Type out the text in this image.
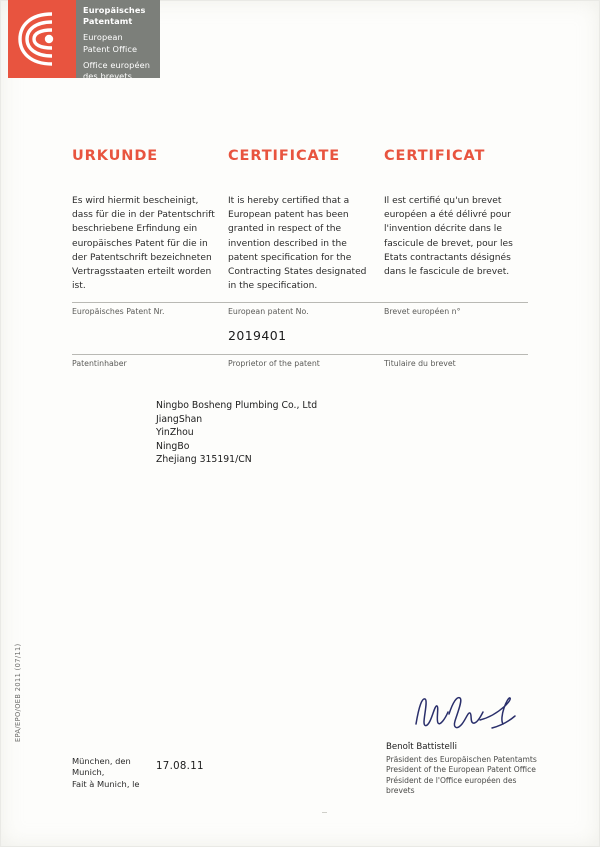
Europäisches
Patentamt
European
Patent Office
Office européen
des brevets
URKUNDE
Es wird hiermit bescheinigt, dass für die in der Patentschrift beschriebene Erfindung ein europäisches Patent für die in der Patentschrift bezeichneten Vertragsstaaten erteilt worden ist.
CERTIFICATE
It is hereby certified that a European patent has been granted in respect of the invention described in the patent specification for the Contracting States designated in the specification.
CERTIFICAT
Il est certifié qu'un brevet européen a été délivré pour l'invention décrite dans le fascicule de brevet, pour les Etats contractants désignés dans le fascicule de brevet.
Europäisches Patent Nr.	European patent No.	Brevet européen n°
2019401
Patentinhaber	Proprietor of the patent	Titulaire du brevet
Ningbo Bosheng Plumbing Co., Ltd
JiangShan
YinZhou
NingBo
Zhejiang 315191/CN
Benoît Battistelli
Präsident des Europäischen Patentamts
President of the European Patent Office
Président de l'Office européen des brevets
München, den
Munich,
Fait à Munich, le
17.08.11
EPA/EPO/OEB 2011 (07/11)
